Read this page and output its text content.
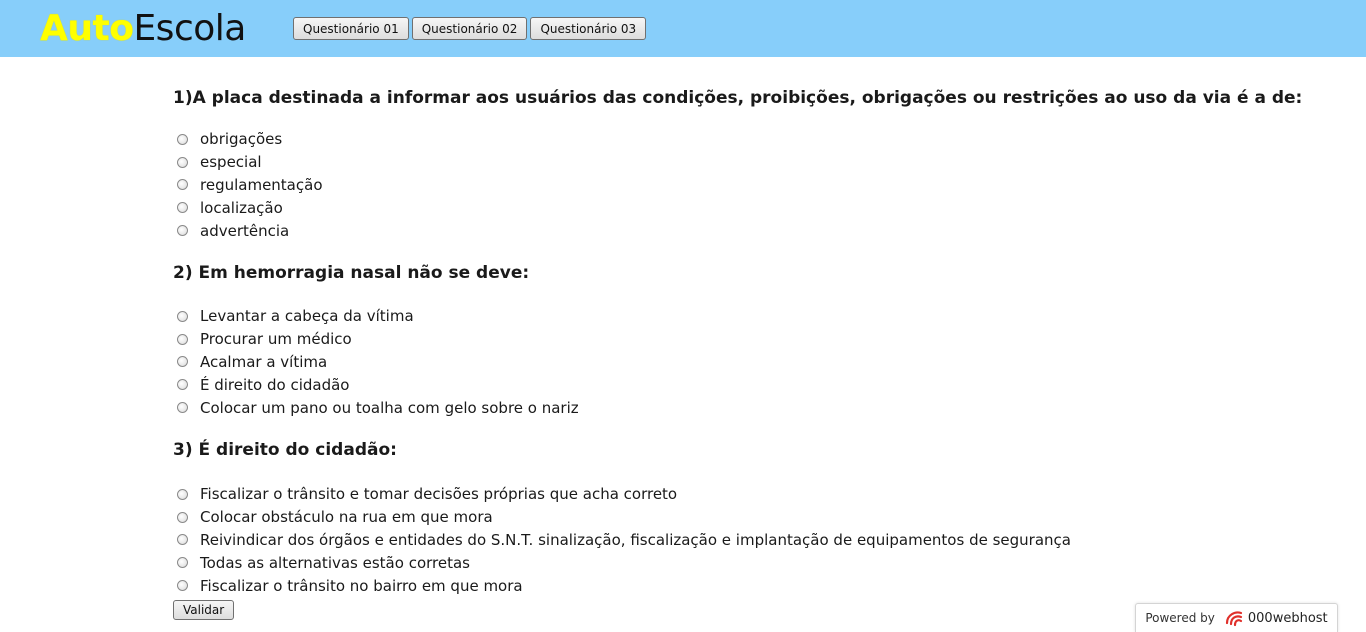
AutoEscola	Questionário 01	Questionário 02	Questionário 03
1)A placa destinada a informar aos usuários das condições, proibições, obrigações ou restrições ao uso da via é a de:
obrigações
especial
regulamentação
localização
advertência
2) Em hemorragia nasal não se deve:
Levantar a cabeça da vítima
Procurar um médico
Acalmar a vítima
É direito do cidadão
Colocar um pano ou toalha com gelo sobre o nariz
3) É direito do cidadão:
Fiscalizar o trânsito e tomar decisões próprias que acha correto
Colocar obstáculo na rua em que mora
Reivindicar dos órgãos e entidades do S.N.T. sinalização, fiscalização e implantação de equipamentos de segurança
Todas as alternativas estão corretas
Fiscalizar o trânsito no bairro em que mora
Validar
Powered by	000webhost
